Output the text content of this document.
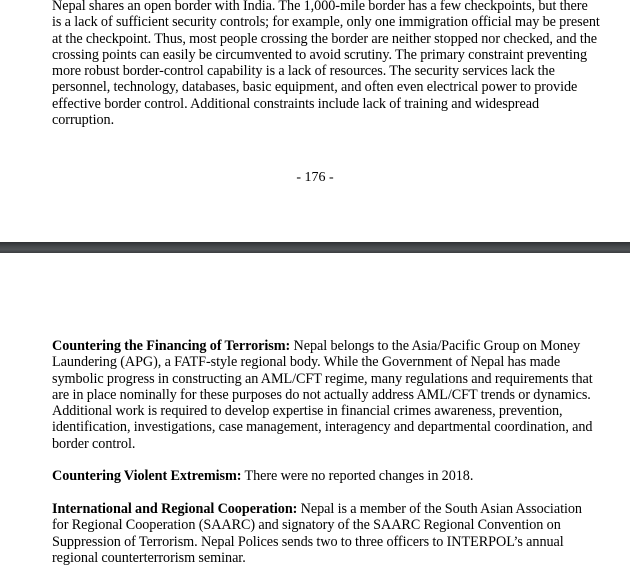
Nepal shares an open border with India. The 1,000-mile border has a few checkpoints, but there is a lack of sufficient security controls; for example, only one immigration official may be present at the checkpoint. Thus, most people crossing the border are neither stopped nor checked, and the crossing points can easily be circumvented to avoid scrutiny. The primary constraint preventing more robust border-control capability is a lack of resources. The security services lack the personnel, technology, databases, basic equipment, and often even electrical power to provide effective border control. Additional constraints include lack of training and widespread corruption.

- 176 -

Countering the Financing of Terrorism: Nepal belongs to the Asia/Pacific Group on Money Laundering (APG), a FATF-style regional body. While the Government of Nepal has made symbolic progress in constructing an AML/CFT regime, many regulations and requirements that are in place nominally for these purposes do not actually address AML/CFT trends or dynamics. Additional work is required to develop expertise in financial crimes awareness, prevention, identification, investigations, case management, interagency and departmental coordination, and border control.

Countering Violent Extremism: There were no reported changes in 2018.

International and Regional Cooperation: Nepal is a member of the South Asian Association for Regional Cooperation (SAARC) and signatory of the SAARC Regional Convention on Suppression of Terrorism. Nepal Polices sends two to three officers to INTERPOL’s annual regional counterterrorism seminar.
